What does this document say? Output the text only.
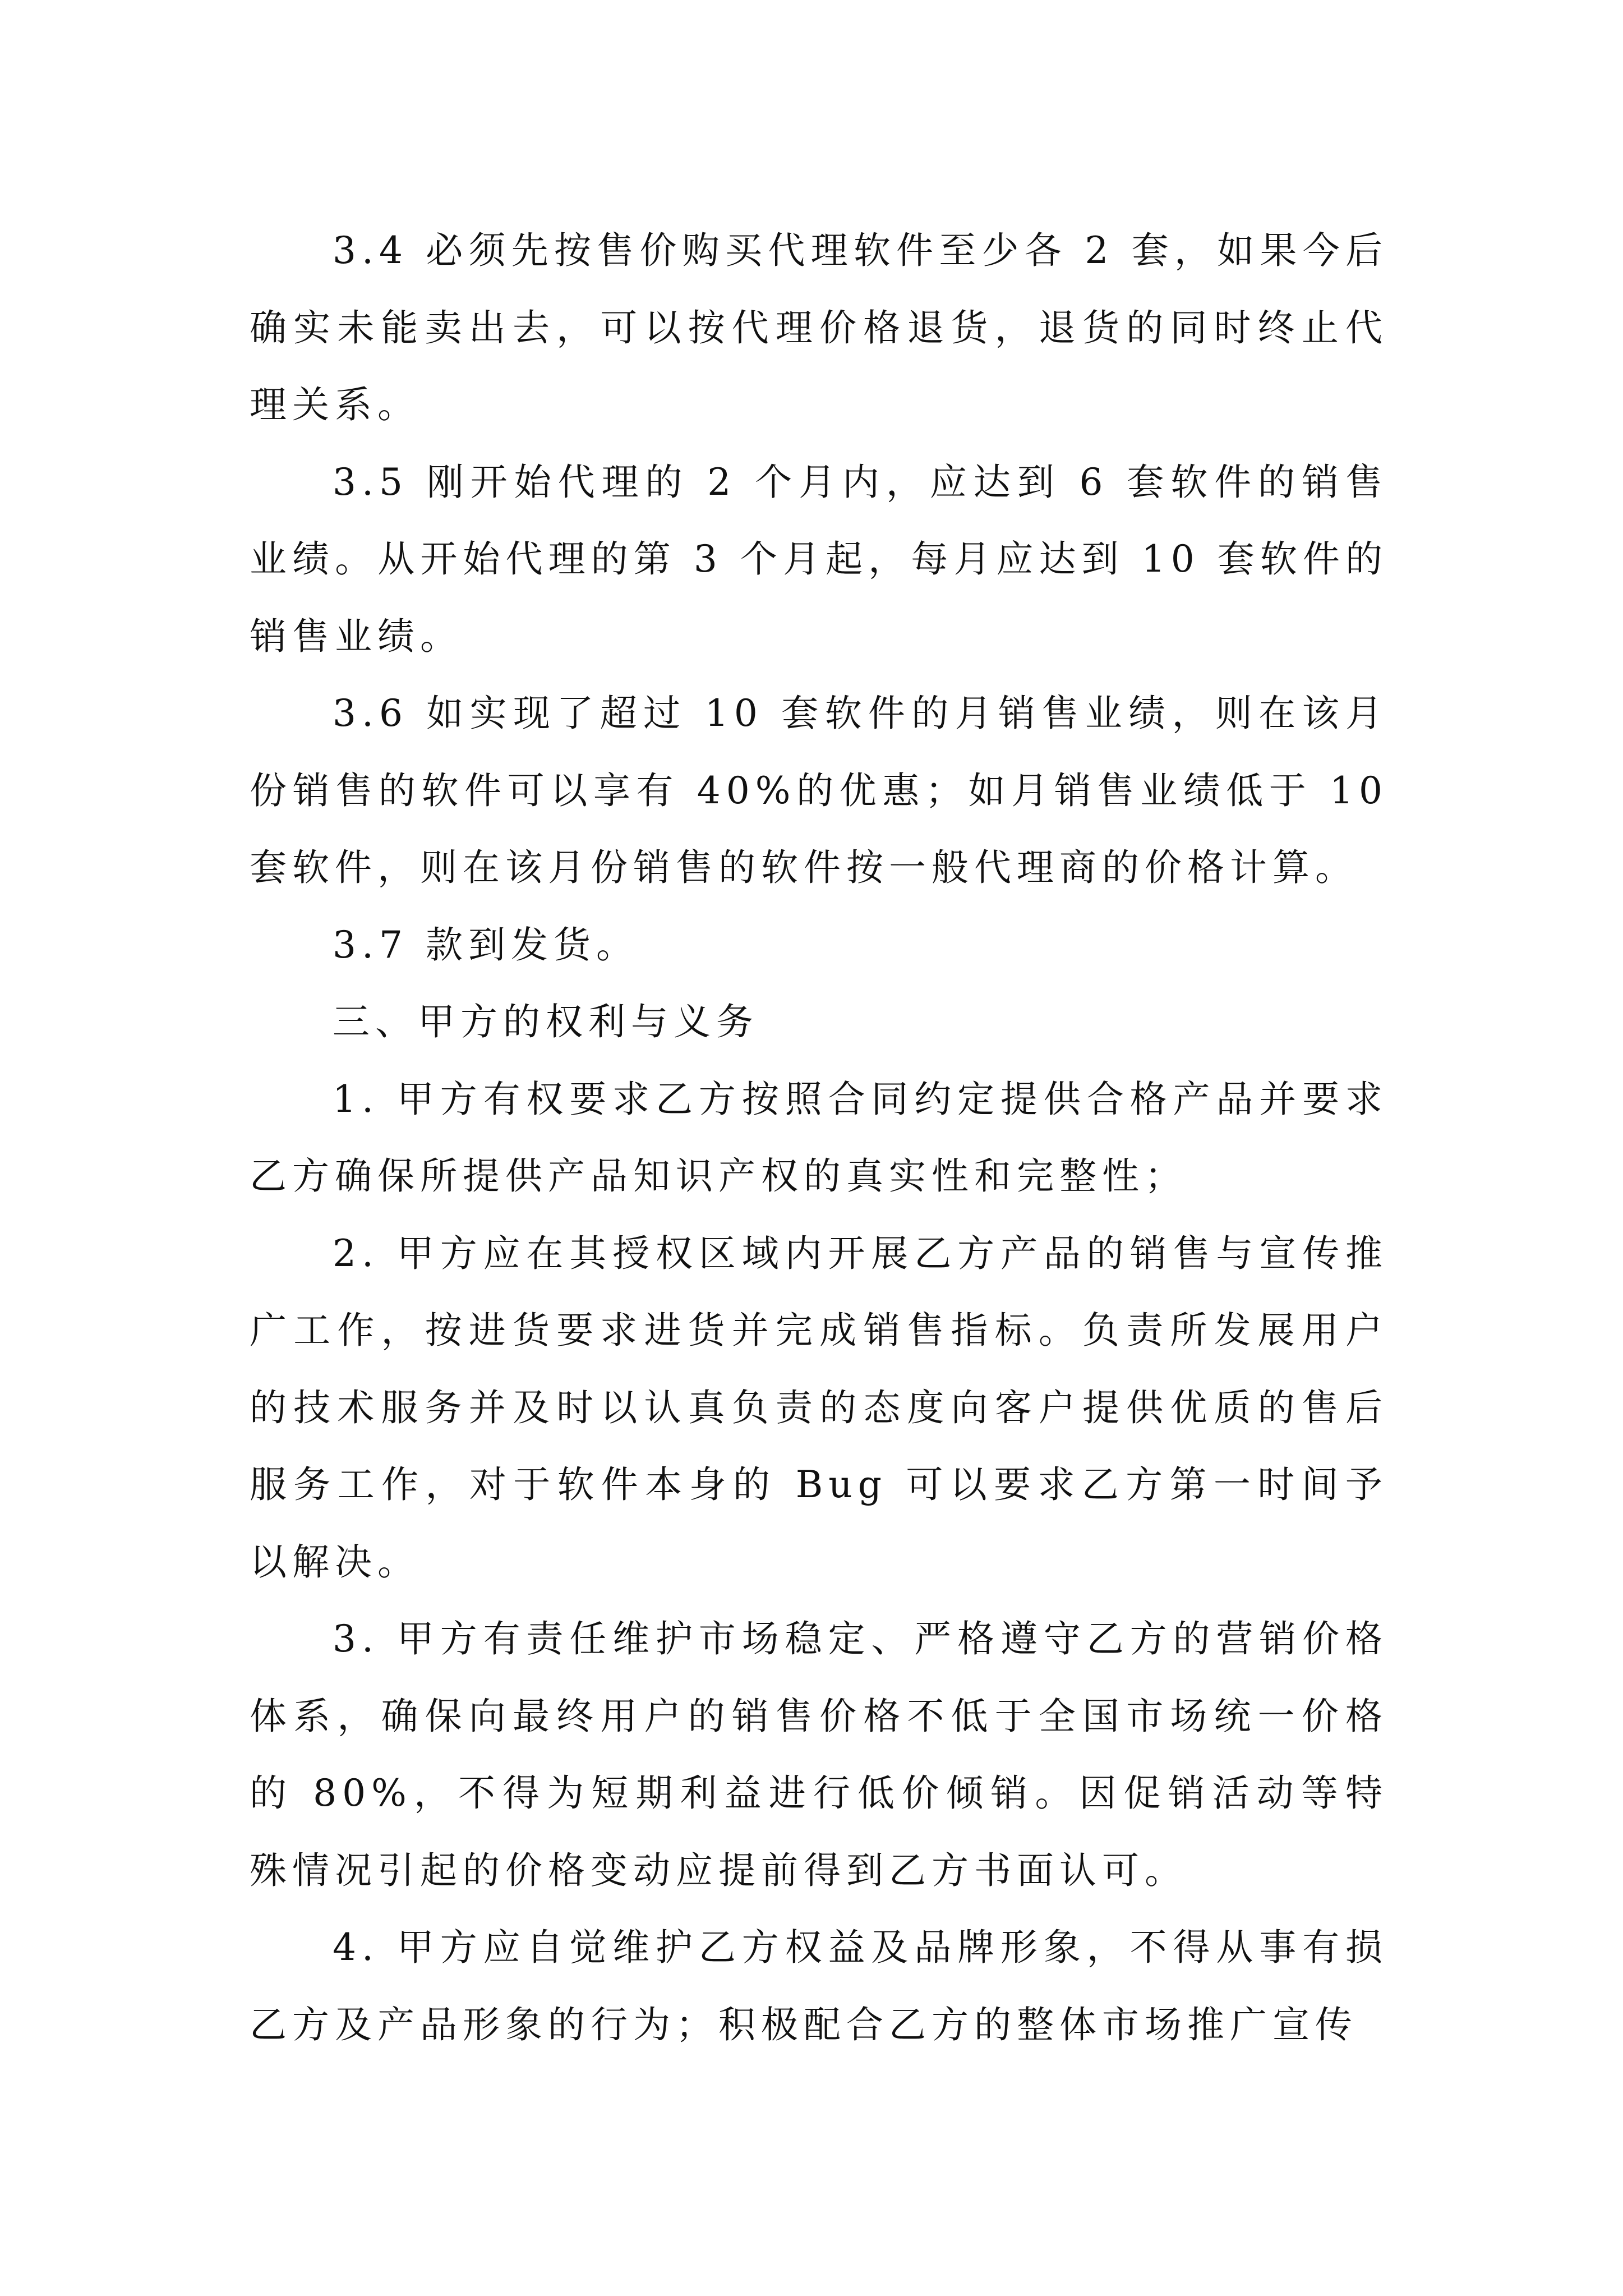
3.4 必须先按售价购买代理软件至少各 2 套，如果今后确实未能卖出去，可以按代理价格退货，退货的同时终止代理关系。

3.5 刚开始代理的 2 个月内，应达到 6 套软件的销售业绩。从开始代理的第 3 个月起，每月应达到 10 套软件的销售业绩。

3.6 如实现了超过 10 套软件的月销售业绩，则在该月份销售的软件可以享有 40%的优惠；如月销售业绩低于 10 套软件，则在该月份销售的软件按一般代理商的价格计算。

3.7 款到发货。

三、甲方的权利与义务

1. 甲方有权要求乙方按照合同约定提供合格产品并要求乙方确保所提供产品知识产权的真实性和完整性；

2. 甲方应在其授权区域内开展乙方产品的销售与宣传推广工作，按进货要求进货并完成销售指标。负责所发展用户的技术服务并及时以认真负责的态度向客户提供优质的售后服务工作，对于软件本身的 Bug 可以要求乙方第一时间予以解决。

3. 甲方有责任维护市场稳定、严格遵守乙方的营销价格体系，确保向最终用户的销售价格不低于全国市场统一价格的 80%，不得为短期利益进行低价倾销。因促销活动等特殊情况引起的价格变动应提前得到乙方书面认可。

4. 甲方应自觉维护乙方权益及品牌形象，不得从事有损乙方及产品形象的行为；积极配合乙方的整体市场推广宣传
